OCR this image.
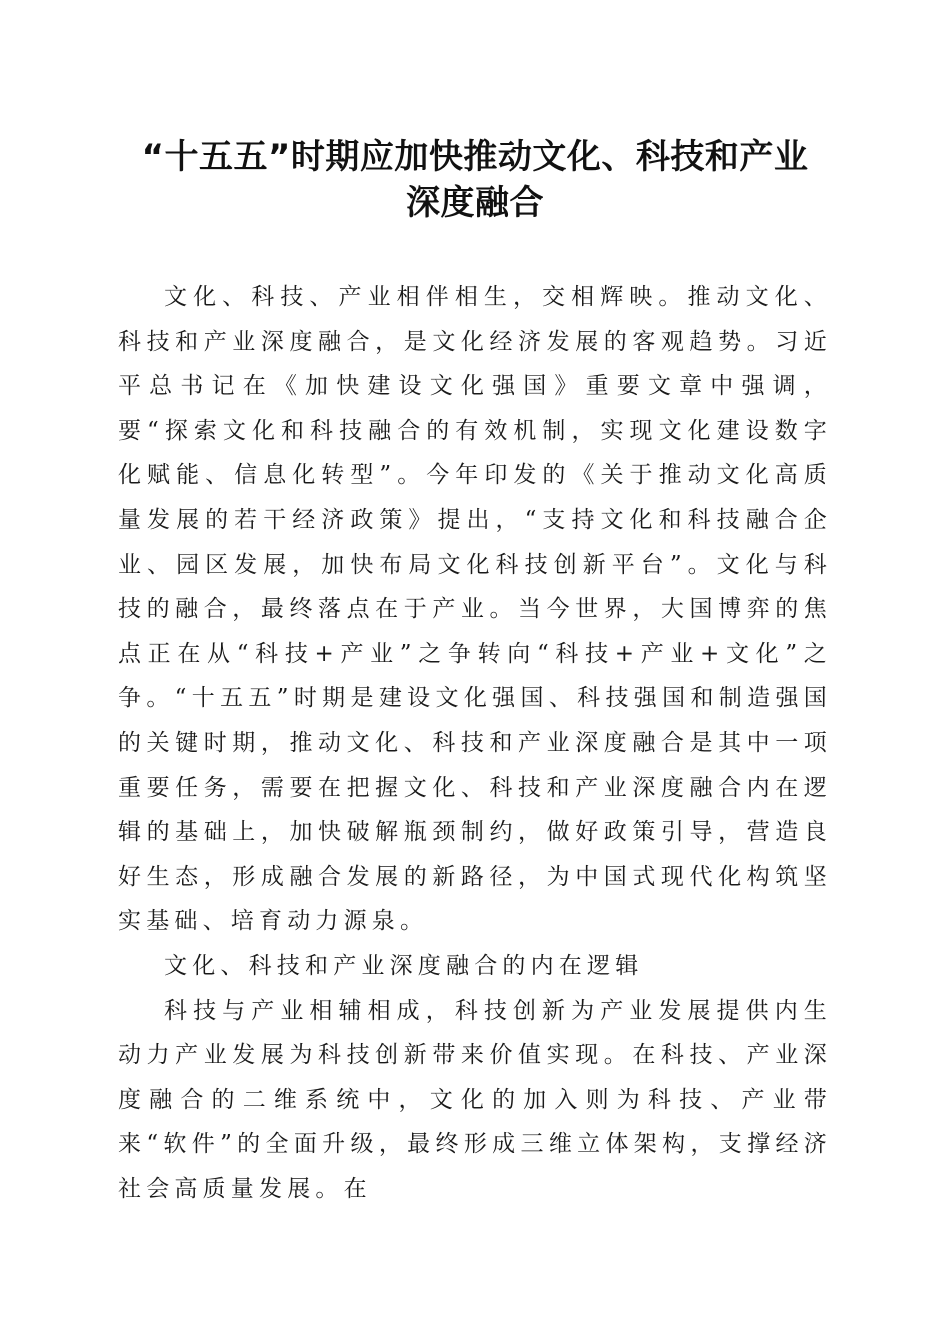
“十五五”时期应加快推动文化、科技和产业
深度融合

文化、科技、产业相伴相生，交相辉映。推动文化、科技和产业深度融合，是文化经济发展的客观趋势。习近平总书记在《加快建设文化强国》重要文章中强调，要“探索文化和科技融合的有效机制，实现文化建设数字化赋能、信息化转型”。今年印发的《关于推动文化高质量发展的若干经济政策》提出，“支持文化和科技融合企业、园区发展，加快布局文化科技创新平台”。文化与科技的融合，最终落点在于产业。当今世界，大国博弈的焦点正在从“科技+产业”之争转向“科技+产业+文化”之争。“十五五”时期是建设文化强国、科技强国和制造强国的关键时期，推动文化、科技和产业深度融合是其中一项重要任务，需要在把握文化、科技和产业深度融合内在逻辑的基础上，加快破解瓶颈制约，做好政策引导，营造良好生态，形成融合发展的新路径，为中国式现代化构筑坚实基础、培育动力源泉。

文化、科技和产业深度融合的内在逻辑

科技与产业相辅相成，科技创新为产业发展提供内生动力产业发展为科技创新带来价值实现。在科技、产业深度融合的二维系统中，文化的加入则为科技、产业带来“软件”的全面升级，最终形成三维立体架构，支撑经济社会高质量发展。在
